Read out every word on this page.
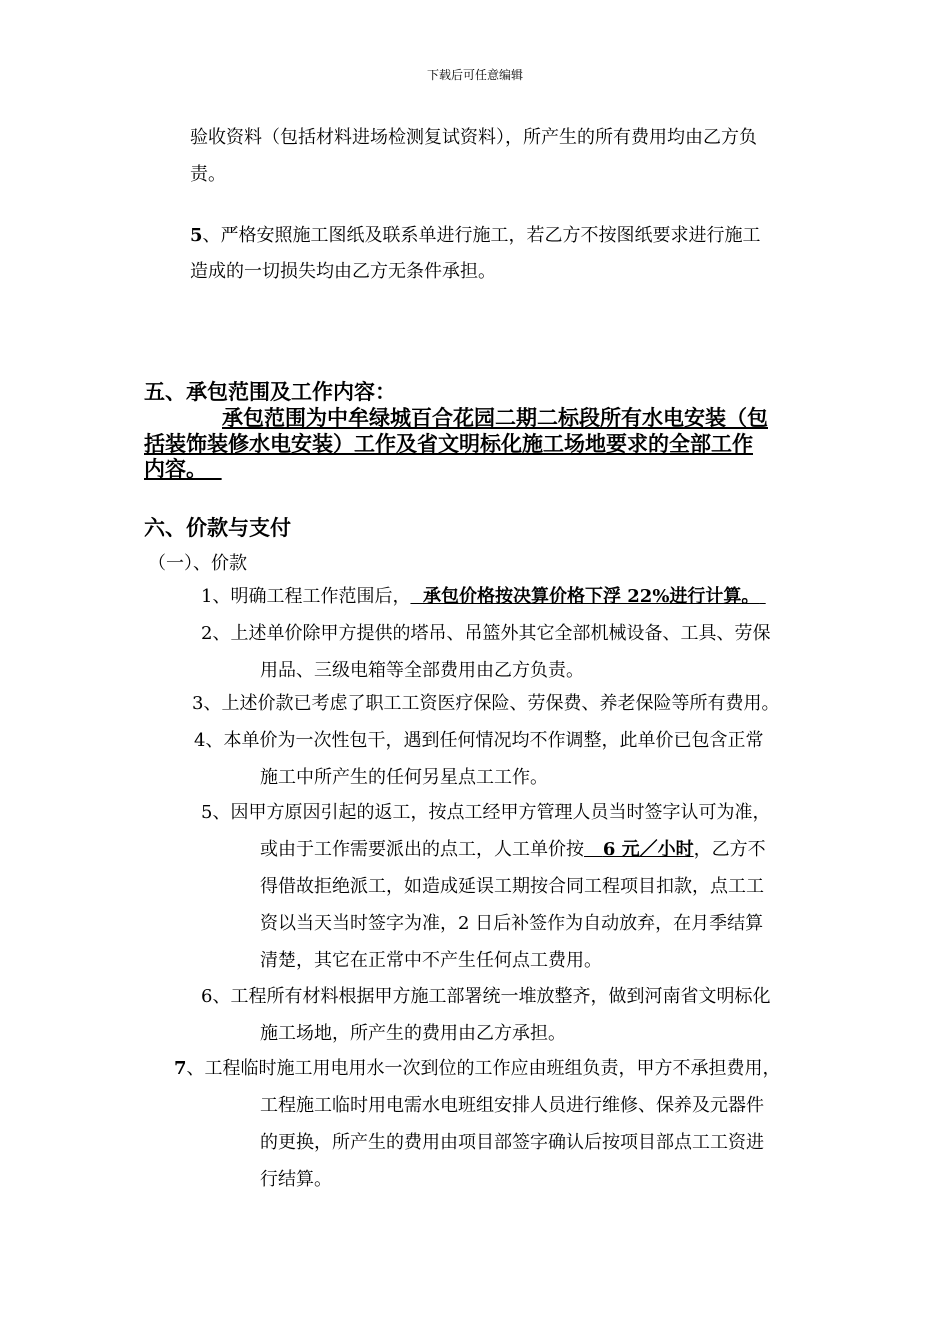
下载后可任意编辑
验收资料（包括材料进场检测复试资料），所产生的所有费用均由乙方负
责。
5、严格安照施工图纸及联系单进行施工，若乙方不按图纸要求进行施工
造成的一切损失均由乙方无条件承担。
五、承包范围及工作内容：
承包范围为中牟绿城百合花园二期二标段所有水电安装（包
括装饰装修水电安装）工作及省文明标化施工场地要求的全部工作
内容。
六、价款与支付
（一）、价款
1、明确工程工作范围后， 承包价格按决算价格下浮 22%进行计算。
2、上述单价除甲方提供的塔吊、吊篮外其它全部机械设备、工具、劳保
用品、三级电箱等全部费用由乙方负责。
3、上述价款已考虑了职工工资医疗保险、劳保费、养老保险等所有费用。
4、本单价为一次性包干，遇到任何情况均不作调整，此单价已包含正常
施工中所产生的任何另星点工工作。
5、因甲方原因引起的返工，按点工经甲方管理人员当时签字认可为准，
或由于工作需要派出的点工，人工单价按 6 元／小时，乙方不
得借故拒绝派工，如造成延误工期按合同工程项目扣款，点工工
资以当天当时签字为准，2 日后补签作为自动放弃，在月季结算
清楚，其它在正常中不产生任何点工费用。
6、工程所有材料根据甲方施工部署统一堆放整齐，做到河南省文明标化
施工场地，所产生的费用由乙方承担。
7、工程临时施工用电用水一次到位的工作应由班组负责，甲方不承担费用，
工程施工临时用电需水电班组安排人员进行维修、保养及元器件
的更换，所产生的费用由项目部签字确认后按项目部点工工资进
行结算。
